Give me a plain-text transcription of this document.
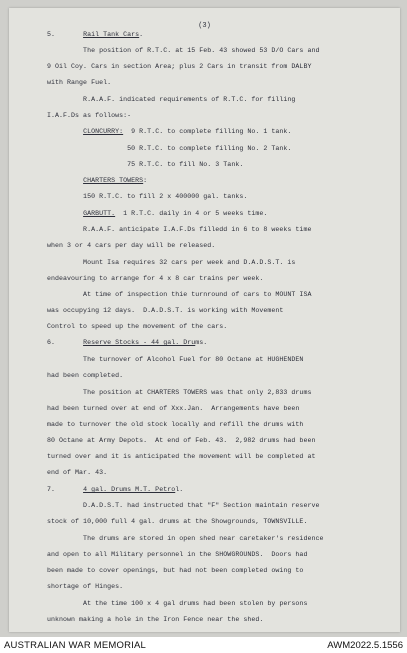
(3)
5.       Rail Tank Cars.
The position of R.T.C. at 15 Feb. 43 showed 53 D/O Cars and
9 Oil Coy. Cars in section Area; plus 2 Cars in transit from DALBY
with Range Fuel.
R.A.A.F. indicated requirements of R.T.C. for filling
I.A.F.Ds as follows:-
CLONCURRY:  9 R.T.C. to complete filling No. 1 tank.
50 R.T.C. to complete filling No. 2 Tank.
75 R.T.C. to fill No. 3 Tank.
CHARTERS TOWERS:
150 R.T.C. to fill 2 x 400000 gal. tanks.
GARBUTT.  1 R.T.C. daily in 4 or 5 weeks time.
R.A.A.F. anticipate I.A.F.Ds filledd in 6 to 8 weeks time
when 3 or 4 cars per day will be released.
Mount Isa requires 32 cars per week and D.A.D.S.T. is
endeavouring to arrange for 4 x 8 car trains per week.
At time of inspection thie turnround of cars to MOUNT ISA
was occupying 12 days.  D.A.D.S.T. is working with Movement
Control to speed up the movement of the cars.
6.       Reserve Stocks - 44 gal. Drums.
The turnover of Alcohol Fuel for 80 Octane at HUGHENDEN
had been completed.
The position at CHARTERS TOWERS was that only 2,833 drums
had been turned over at end of Xxx.Jan.  Arrangements have been
made to turnover the old stock locally and refill the drums with
80 Octane at Army Depots.  At end of Feb. 43.  2,982 drums had been
turned over and it is anticipated the movement will be completed at
end of Mar. 43.
7.       4 gal. Drums M.T. Petrol.
D.A.D.S.T. had instructed that "F" Section maintain reserve
stock of 10,000 full 4 gal. drums at the Showgrounds, TOWNSVILLE.
The drums are stored in open shed near caretaker's residence
and open to all Military personnel in the SHOWGROUNDS.  Doors had
been made to cover openings, but had not been completed owing to
shortage of Hinges.
At the time 100 x 4 gal drums had been stolen by persons
unknown making a hole in the Iron Fence near the shed.
AUSTRALIAN WAR MEMORIAL	AWM2022.5.1556
